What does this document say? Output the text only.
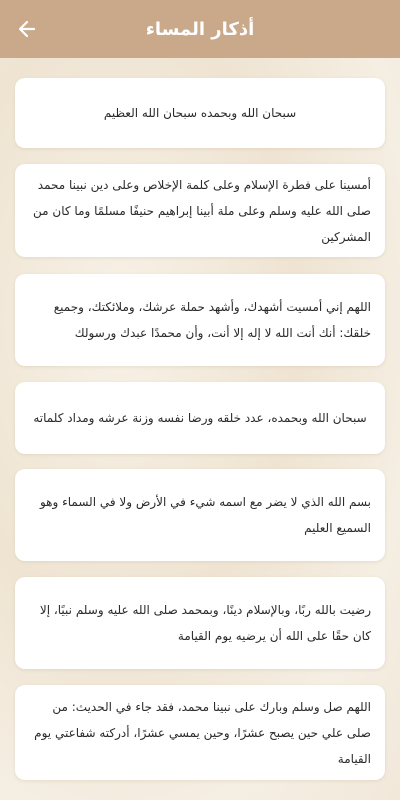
أذكار المساء
سبحان الله وبحمده سبحان الله العظيم
أمسينا على فطرة الإسلام وعلى كلمة الإخلاص وعلى دين نبينا محمد صلى الله عليه وسلم وعلى ملة أبينا إبراهيم حنيفًا مسلمًا وما كان من المشركين
اللهم إني أمسيت أشهدك، وأشهد حملة عرشك، وملائكتك، وجميع خلقك: أنك أنت الله لا إله إلا أنت، وأن محمدًا عبدك ورسولك
سبحان الله وبحمده، عدد خلقه ورضا نفسه وزنة عرشه ومداد كلماته
بسم الله الذي لا يضر مع اسمه شيء في الأرض ولا في السماء وهو السميع العليم
رضيت بالله ربًا، وبالإسلام دينًا، وبمحمد صلى الله عليه وسلم نبيًا، إلا كان حقًا على الله أن يرضيه يوم القيامة
اللهم صل وسلم وبارك على نبينا محمد، فقد جاء في الحديث: من صلى علي حين يصبح عشرًا، وحين يمسي عشرًا، أدركته شفاعتي يوم القيامة
